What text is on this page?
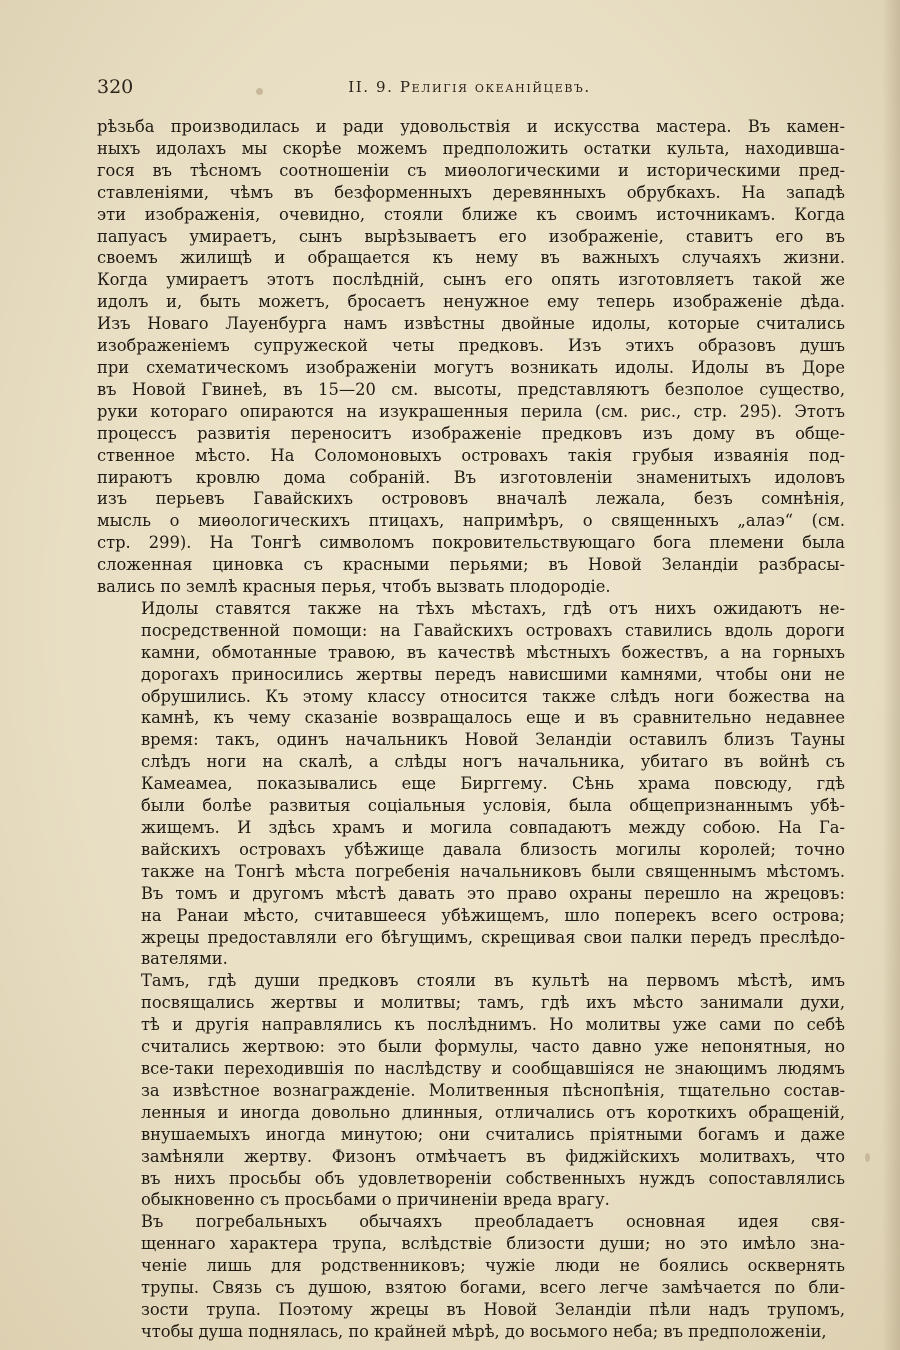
320	II. 9. Религія океанійцевъ.

рѣзьба производилась и ради удовольствія и искусства мастера. Въ камен-
ныхъ идолахъ мы скорѣе можемъ предположить остатки культа, находивша-
гося въ тѣсномъ соотношеніи съ миѳологическими и историческими пред-
ставленіями, чѣмъ въ безформенныхъ деревянныхъ обрубкахъ. На западѣ
эти изображенія, очевидно, стояли ближе къ своимъ источникамъ. Когда
папуасъ умираетъ, сынъ вырѣзываетъ его изображеніе, ставитъ его въ
своемъ жилищѣ и обращается къ нему въ важныхъ случаяхъ жизни.
Когда умираетъ этотъ послѣдній, сынъ его опять изготовляетъ такой же
идолъ и, быть можетъ, бросаетъ ненужное ему теперь изображеніе дѣда.
Изъ Новаго Лауенбурга намъ извѣстны двойные идолы, которые считались
изображеніемъ супружеской четы предковъ. Изъ этихъ образовъ душъ
при схематическомъ изображеніи могутъ возникать идолы. Идолы въ Доре
въ Новой Гвинеѣ, въ 15—20 см. высоты, представляютъ безполое существо,
руки котораго опираются на изукрашенныя перила (см. рис., стр. 295). Этотъ
процессъ развитія переноситъ изображеніе предковъ изъ дому въ обще-
ственное мѣсто. На Соломоновыхъ островахъ такія грубыя изваянія под-
пираютъ кровлю дома собраній. Въ изготовленіи знаменитыхъ идоловъ
изъ перьевъ Гавайскихъ острововъ вначалѣ лежала, безъ сомнѣнія,
мысль о миѳологическихъ птицахъ, напримѣръ, о священныхъ „алаэ“ (см.
стр. 299). На Тонгѣ символомъ покровительствующаго бога племени была
сложенная циновка съ красными перьями; въ Новой Зеландіи разбрасы-
вались по землѣ красныя перья, чтобъ вызвать плодородіе.

Идолы ставятся также на тѣхъ мѣстахъ, гдѣ отъ нихъ ожидаютъ не-
посредственной помощи: на Гавайскихъ островахъ ставились вдоль дороги
камни, обмотанные травою, въ качествѣ мѣстныхъ божествъ, а на горныхъ
дорогахъ приносились жертвы передъ нависшими камнями, чтобы они не
обрушились. Къ этому классу относится также слѣдъ ноги божества на
камнѣ, къ чему сказаніе возвращалось еще и въ сравнительно недавнее
время: такъ, одинъ начальникъ Новой Зеландіи оставилъ близъ Тауны
слѣдъ ноги на скалѣ, а слѣды ногъ начальника, убитаго въ войнѣ съ
Камеамеа, показывались еще Бирггему. Сѣнь храма повсюду, гдѣ
были болѣе развитыя соціальныя условія, была общепризнаннымъ убѣ-
жищемъ. И здѣсь храмъ и могила совпадаютъ между собою. На Га-
вайскихъ островахъ убѣжище давала близость могилы королей; точно
также на Тонгѣ мѣста погребенія начальниковъ были священнымъ мѣстомъ.
Въ томъ и другомъ мѣстѣ давать это право охраны перешло на жрецовъ:
на Ранаи мѣсто, считавшееся убѣжищемъ, шло поперекъ всего острова;
жрецы предоставляли его бѣгущимъ, скрещивая свои палки передъ преслѣдо-
вателями.

Тамъ, гдѣ души предковъ стояли въ культѣ на первомъ мѣстѣ, имъ
посвящались жертвы и молитвы; тамъ, гдѣ ихъ мѣсто занимали духи,
тѣ и другія направлялись къ послѣднимъ. Но молитвы уже сами по себѣ
считались жертвою: это были формулы, часто давно уже непонятныя, но
все-таки переходившія по наслѣдству и сообщавшіяся не знающимъ людямъ
за извѣстное вознагражденіе. Молитвенныя пѣснопѣнія, тщательно состав-
ленныя и иногда довольно длинныя, отличались отъ короткихъ обращеній,
внушаемыхъ иногда минутою; они считались пріятными богамъ и даже
замѣняли жертву. Физонъ отмѣчаетъ въ фиджійскихъ молитвахъ, что
въ нихъ просьбы объ удовлетвореніи собственныхъ нуждъ сопоставлялись
обыкновенно съ просьбами о причиненіи вреда врагу.

Въ погребальныхъ обычаяхъ преобладаетъ основная идея свя-
щеннаго характера трупа, вслѣдствіе близости души; но это имѣло зна-
ченіе лишь для родственниковъ; чужіе люди не боялись осквернять
трупы. Связь съ душою, взятою богами, всего легче замѣчается по бли-
зости трупа. Поэтому жрецы въ Новой Зеландіи пѣли надъ трупомъ,
чтобы душа поднялась, по крайней мѣрѣ, до восьмого неба; въ предположеніи,
